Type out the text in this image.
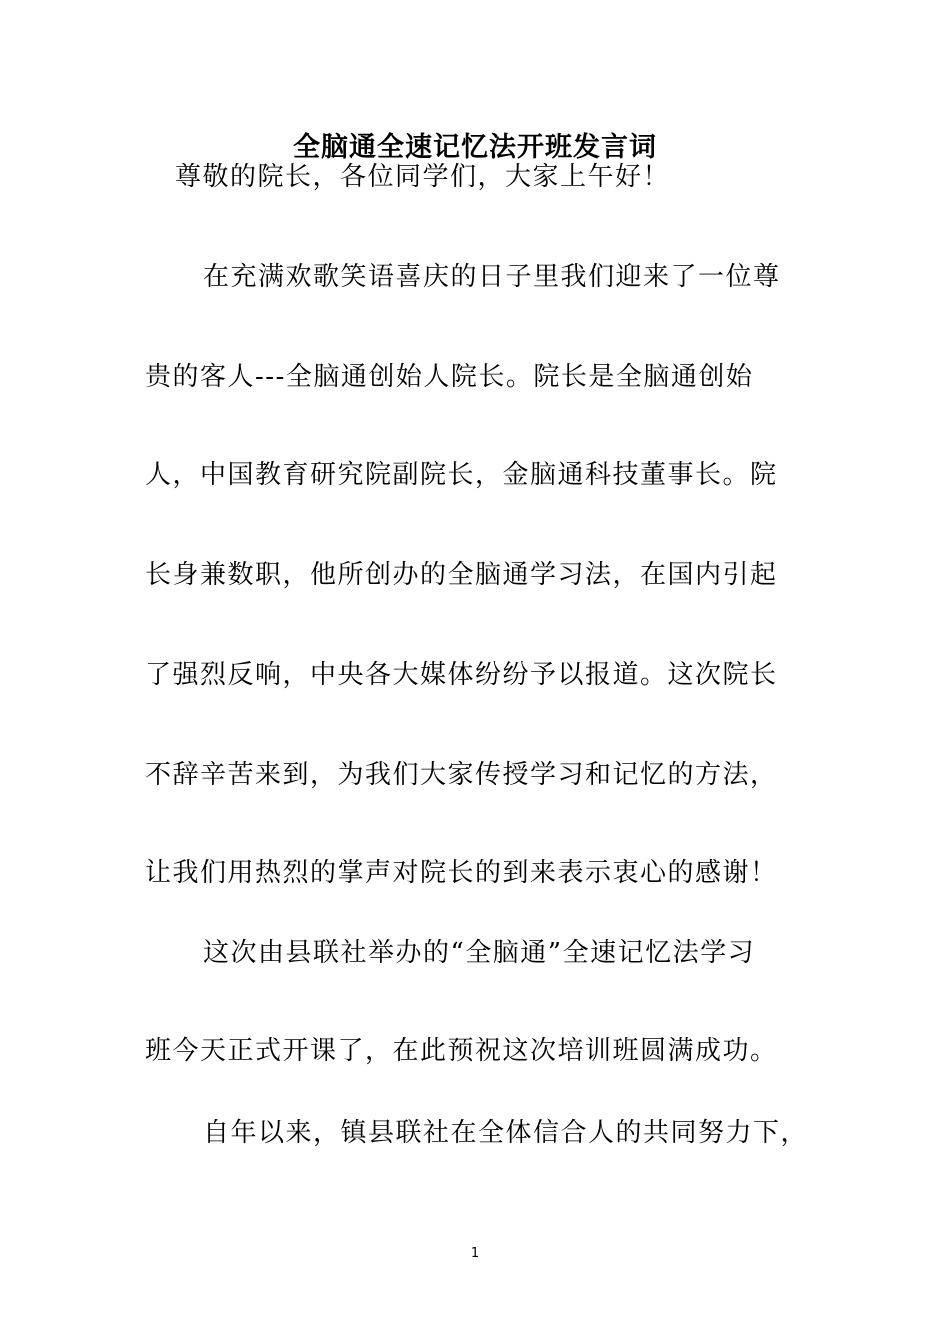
全脑通全速记忆法开班发言词
尊敬的院长，各位同学们，大家上午好！
在充满欢歌笑语喜庆的日子里我们迎来了一位尊
贵的客人---全脑通创始人院长。院长是全脑通创始
人，中国教育研究院副院长，金脑通科技董事长。院
长身兼数职，他所创办的全脑通学习法，在国内引起
了强烈反响，中央各大媒体纷纷予以报道。这次院长
不辞辛苦来到，为我们大家传授学习和记忆的方法，
让我们用热烈的掌声对院长的到来表示衷心的感谢！
这次由县联社举办的“全脑通”全速记忆法学习
班今天正式开课了，在此预祝这次培训班圆满成功。
自年以来，镇县联社在全体信合人的共同努力下，
1
